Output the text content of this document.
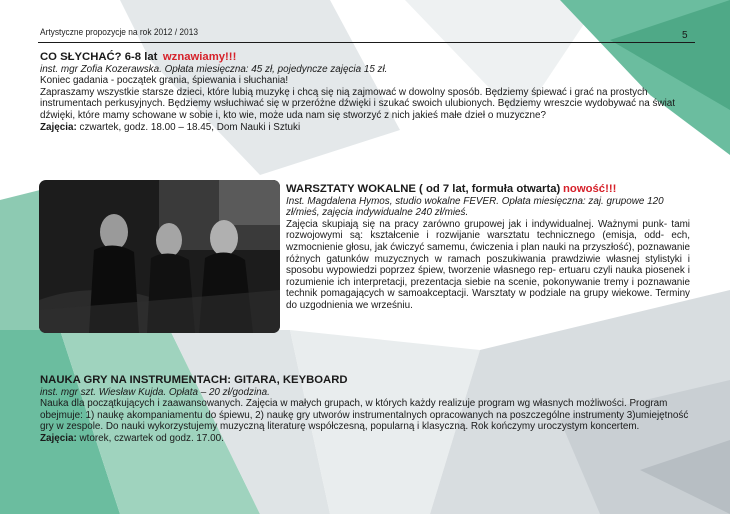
Artystyczne propozycje na rok 2012 / 2013	5

CO SŁYCHAĆ? 6-8 lat wznawiamy!!!

inst. mgr Zofia Kozerawska. Opłata miesięczna: 45 zł, pojedyncze zajęcia 15 zł.

Koniec gadania - początek grania, śpiewania i słuchania!

Zapraszamy wszystkie starsze dzieci, które lubią muzykę i chcą się nią zajmować w dowolny sposób. Będziemy śpiewać i grać na prostych instrumentach perkusyjnych. Będziemy wsłuchiwać się w przeróżne dźwięki i szukać swoich ulubionych. Będziemy wreszcie wydobywać na świat dźwięki, które mamy schowane w sobie i, kto wie, może uda nam się stworzyć z nich jakieś małe dzieł o muzyczne?

Zajęcia: czwartek, godz. 18.00 – 18.45, Dom Nauki i Sztuki

WARSZTATY WOKALNE ( od 7 lat, formuła otwarta) nowość!!!

Inst. Magdalena Hymos, studio wokalne FEVER. Opłata miesięczna: zaj. grupowe 120 zł/mieś, zajęcia indywidualne 240 zł/mieś.

Zajęcia skupiają się na pracy zarówno grupowej jak i indywidualnej. Ważnymi punk- tami rozwojowymi są: kształcenie i rozwijanie warsztatu technicznego (emisja, odd- ech, wzmocnienie głosu, jak ćwiczyć samemu, ćwiczenia i plan nauki na przyszłość), poznawanie różnych gatunków muzycznych w ramach poszukiwania prawdziwie własnej stylistyki i sposobu wypowiedzi poprzez śpiew, tworzenie własnego rep- ertuaru czyli nauka piosenek i rozumienie ich interpretacji, prezentacja siebie na scenie, pokonywanie tremy i poznawanie technik pomagających w samoakceptacji. Warsztaty w podziale na grupy wiekowe. Terminy do uzgodnienia we wrześniu.

NAUKA GRY NA INSTRUMENTACH: GITARA, KEYBOARD

inst. mgr szt. Wiesław Kujda. Opłata – 20 zł/godzina.

Nauka dla początkujących i zaawansowanych. Zajęcia w małych grupach, w których każdy realizuje program wg własnych możliwości. Program obejmuje: 1) naukę akompaniamentu do śpiewu, 2) naukę gry utworów instrumentalnych opracowanych na poszczególne instrumenty 3)umiejętność gry w zespole. Do nauki wykorzystujemy muzyczną literaturę współczesną, popularną i klasyczną. Rok kończymy uroczystym koncertem.

Zajęcia: wtorek, czwartek od godz. 17.00.
